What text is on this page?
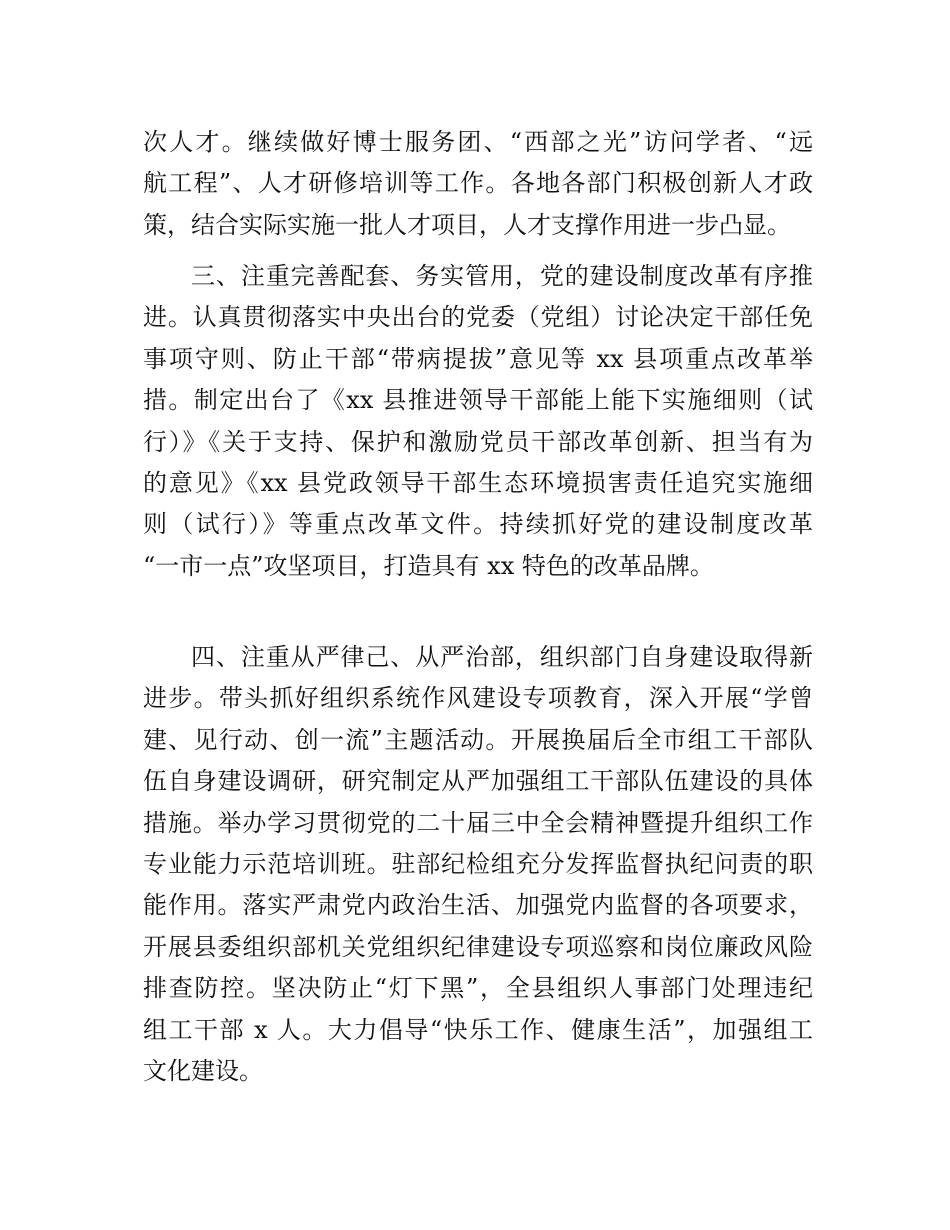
次人才。继续做好博士服务团、“西部之光”访问学者、“远
航工程”、人才研修培训等工作。各地各部门积极创新人才政
策，结合实际实施一批人才项目，人才支撑作用进一步凸显。
三、注重完善配套、务实管用，党的建设制度改革有序推
进。认真贯彻落实中央出台的党委（党组）讨论决定干部任免
事项守则、防止干部“带病提拔”意见等 xx 县项重点改革举
措。制定出台了《xx 县推进领导干部能上能下实施细则（试
行）》《关于支持、保护和激励党员干部改革创新、担当有为
的意见》《xx 县党政领导干部生态环境损害责任追究实施细
则（试行）》等重点改革文件。持续抓好党的建设制度改革
“一市一点”攻坚项目，打造具有 xx 特色的改革品牌。
四、注重从严律己、从严治部，组织部门自身建设取得新
进步。带头抓好组织系统作风建设专项教育，深入开展“学曾
建、见行动、创一流”主题活动。开展换届后全市组工干部队
伍自身建设调研，研究制定从严加强组工干部队伍建设的具体
措施。举办学习贯彻党的二十届三中全会精神暨提升组织工作
专业能力示范培训班。驻部纪检组充分发挥监督执纪问责的职
能作用。落实严肃党内政治生活、加强党内监督的各项要求，
开展县委组织部机关党组织纪律建设专项巡察和岗位廉政风险
排查防控。坚决防止“灯下黑”，全县组织人事部门处理违纪
组工干部 x 人。大力倡导“快乐工作、健康生活”，加强组工
文化建设。
